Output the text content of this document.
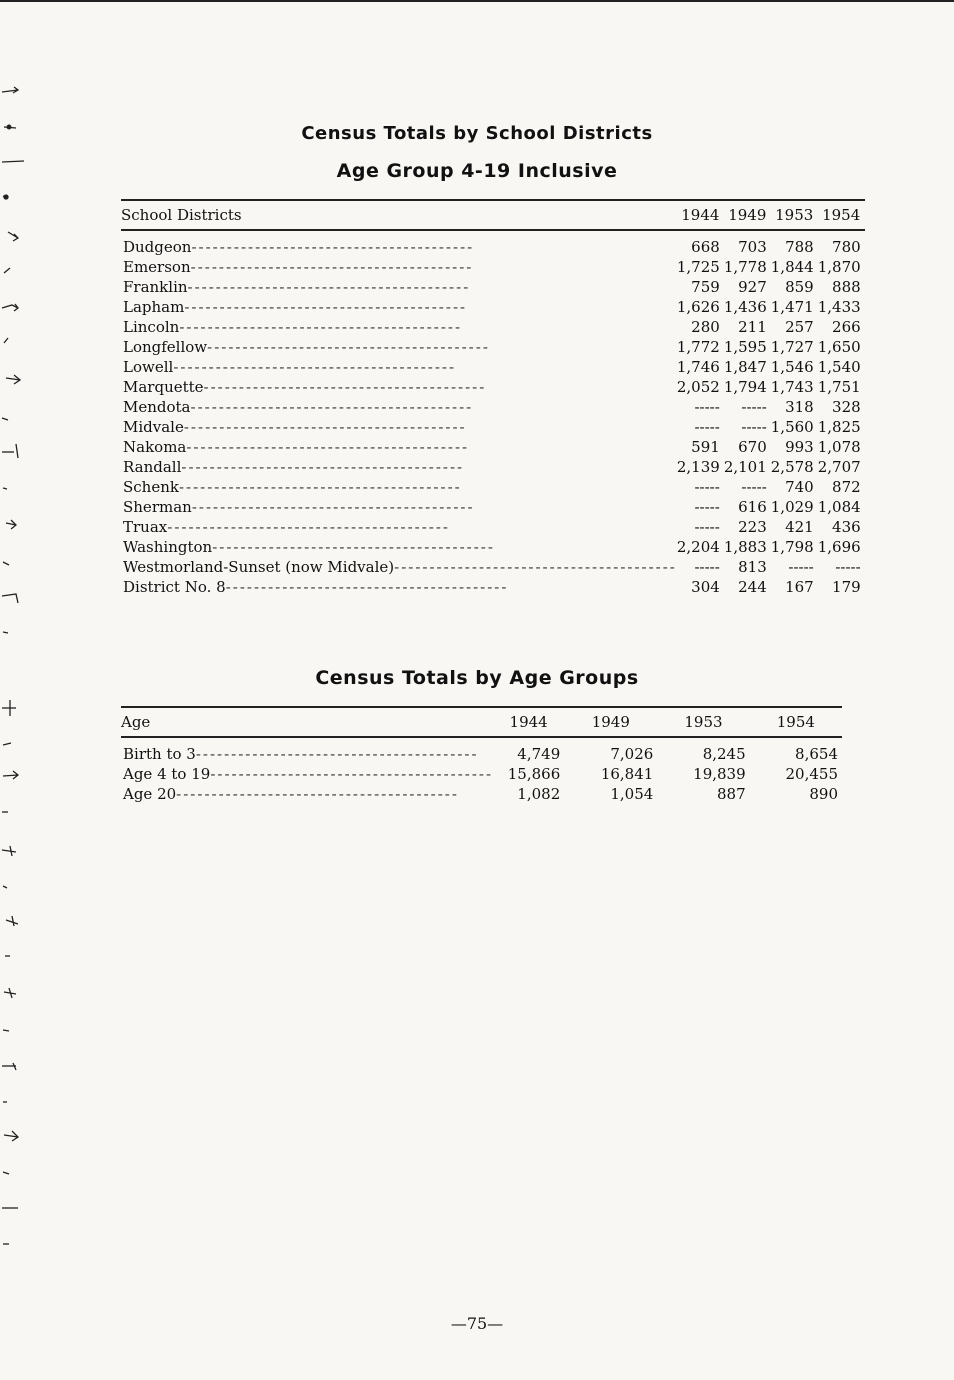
Census Totals by School Districts
Age Group 4-19 Inclusive
School Districts	1944	1949	1953	1954
Dudgeon----------------------------------------	668	703	788	780
Emerson----------------------------------------	1,725	1,778	1,844	1,870
Franklin----------------------------------------	759	927	859	888
Lapham----------------------------------------	1,626	1,436	1,471	1,433
Lincoln----------------------------------------	280	211	257	266
Longfellow----------------------------------------	1,772	1,595	1,727	1,650
Lowell----------------------------------------	1,746	1,847	1,546	1,540
Marquette----------------------------------------	2,052	1,794	1,743	1,751
Mendota----------------------------------------	-----	-----	318	328
Midvale----------------------------------------	-----	-----	1,560	1,825
Nakoma----------------------------------------	591	670	993	1,078
Randall----------------------------------------	2,139	2,101	2,578	2,707
Schenk----------------------------------------	-----	-----	740	872
Sherman----------------------------------------	-----	616	1,029	1,084
Truax----------------------------------------	-----	223	421	436
Washington----------------------------------------	2,204	1,883	1,798	1,696
Westmorland-Sunset (now Midvale)----------------------------------------	-----	813	-----	-----
District No. 8----------------------------------------	304	244	167	179
Census Totals by Age Groups
Age	1944	1949	1953	1954
Birth to 3----------------------------------------	4,749	7,026	8,245	8,654
Age 4 to 19----------------------------------------	15,866	16,841	19,839	20,455
Age 20----------------------------------------	1,082	1,054	887	890
—75—
